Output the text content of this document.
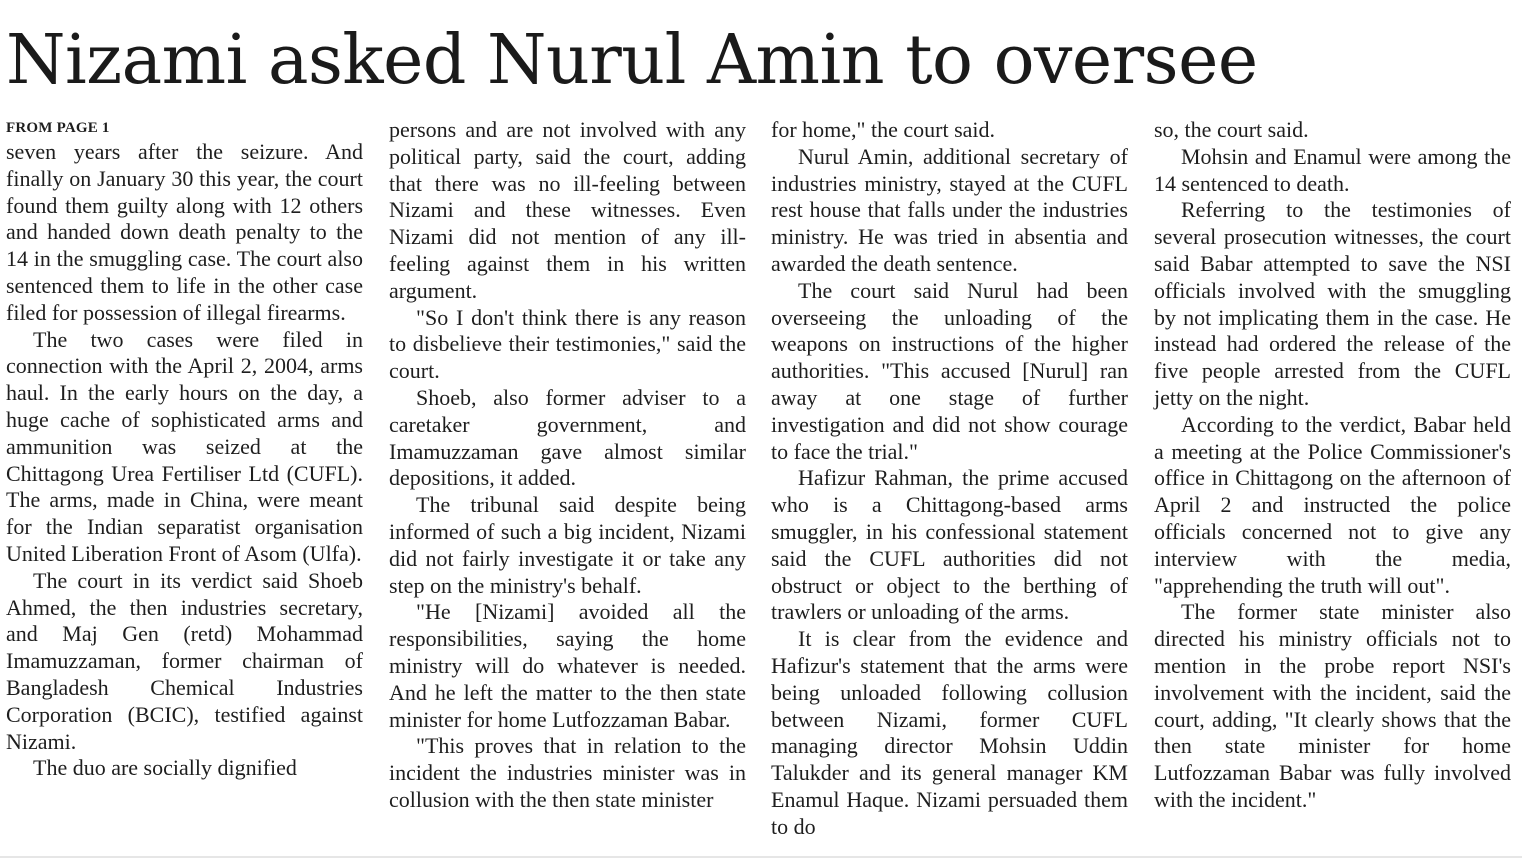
Nizami asked Nurul Amin to oversee
FROM PAGE 1

seven years after the seizure. And finally on January 30 this year, the court found them guilty along with 12 others and handed down death penalty to the 14 in the smuggling case. The court also sentenced them to life in the other case filed for possession of illegal firearms.

The two cases were filed in connection with the April 2, 2004, arms haul. In the early hours on the day, a huge cache of sophisticated arms and ammunition was seized at the Chittagong Urea Fertiliser Ltd (CUFL). The arms, made in China, were meant for the Indian separatist organisation United Liberation Front of Asom (Ulfa).

The court in its verdict said Shoeb Ahmed, the then industries secretary, and Maj Gen (retd) Mohammad Imamuzzaman, former chairman of Bangladesh Chemical Industries Corporation (BCIC), testified against Nizami.

The duo are socially dignified

persons and are not involved with any political party, said the court, adding that there was no ill-feeling between Nizami and these witnesses. Even Nizami did not mention of any ill-feeling against them in his written argument.

"So I don't think there is any reason to disbelieve their testimonies," said the court.

Shoeb, also former adviser to a caretaker government, and Imamuzzaman gave almost similar depositions, it added.

The tribunal said despite being informed of such a big incident, Nizami did not fairly investigate it or take any step on the ministry's behalf.

"He [Nizami] avoided all the responsibilities, saying the home ministry will do whatever is needed. And he left the matter to the then state minister for home Lutfozzaman Babar.

"This proves that in relation to the incident the industries minister was in collusion with the then state minister

for home," the court said.

Nurul Amin, additional secretary of industries ministry, stayed at the CUFL rest house that falls under the industries ministry. He was tried in absentia and awarded the death sentence.

The court said Nurul had been overseeing the unloading of the weapons on instructions of the higher authorities. "This accused [Nurul] ran away at one stage of further investigation and did not show courage to face the trial."

Hafizur Rahman, the prime accused who is a Chittagong-based arms smuggler, in his confessional statement said the CUFL authorities did not obstruct or object to the berthing of trawlers or unloading of the arms.

It is clear from the evidence and Hafizur's statement that the arms were being unloaded following collusion between Nizami, former CUFL managing director Mohsin Uddin Talukder and its general manager KM Enamul Haque. Nizami persuaded them to do

so, the court said.

Mohsin and Enamul were among the 14 sentenced to death.

Referring to the testimonies of several prosecution witnesses, the court said Babar attempted to save the NSI officials involved with the smuggling by not implicating them in the case. He instead had ordered the release of the five people arrested from the CUFL jetty on the night.

According to the verdict, Babar held a meeting at the Police Commissioner's office in Chittagong on the afternoon of April 2 and instructed the police officials concerned not to give any interview with the media, "apprehending the truth will out".

The former state minister also directed his ministry officials not to mention in the probe report NSI's involvement with the incident, said the court, adding, "It clearly shows that the then state minister for home Lutfozzaman Babar was fully involved with the incident."
